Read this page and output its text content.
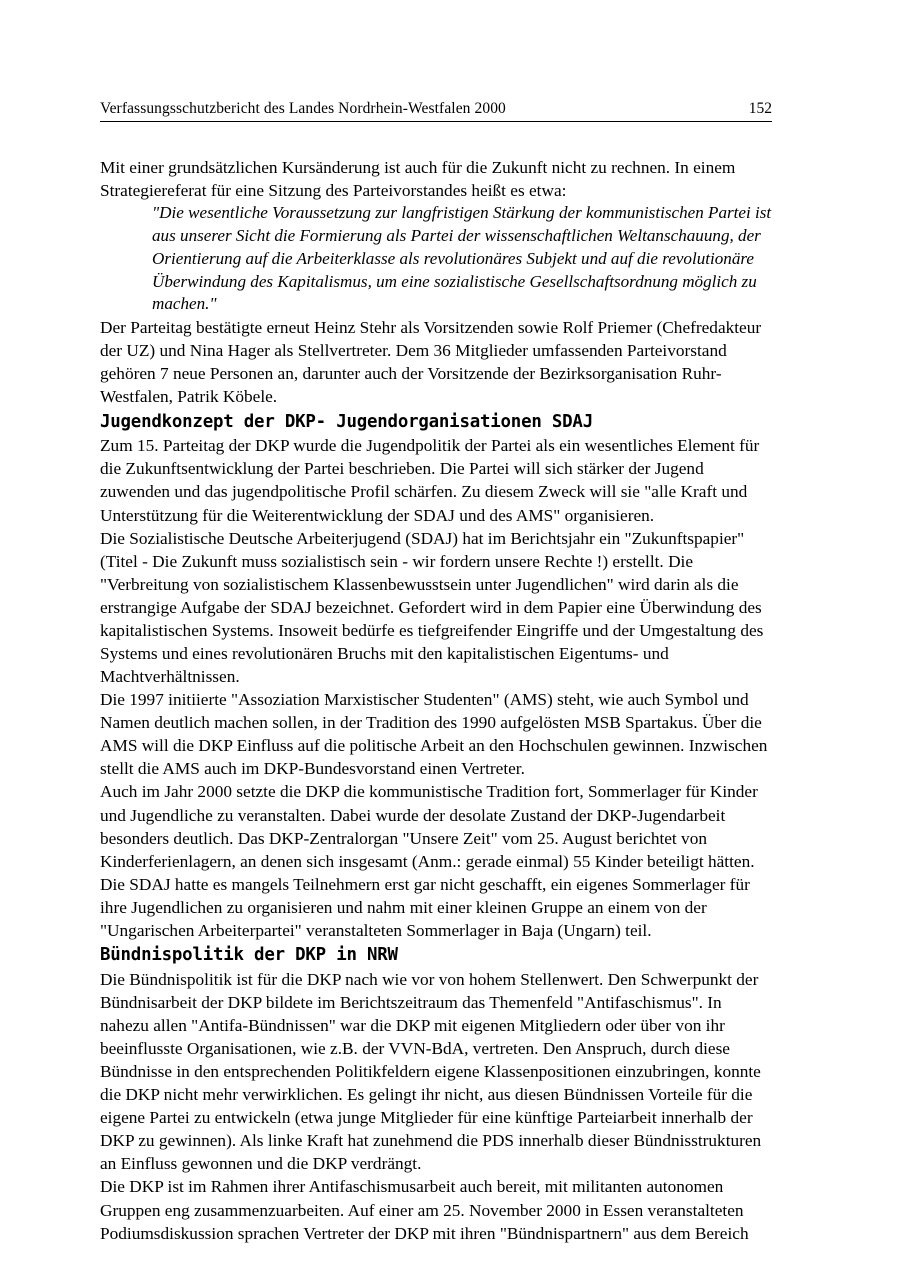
Verfassungsschutzbericht des Landes Nordrhein-Westfalen 2000	152

Mit einer grundsätzlichen Kursänderung ist auch für die Zukunft nicht zu rechnen. In einem Strategiereferat für eine Sitzung des Parteivorstandes heißt es etwa:

"Die wesentliche Voraussetzung zur langfristigen Stärkung der kommunistischen Partei ist aus unserer Sicht die Formierung als Partei der wissenschaftlichen Weltanschauung, der Orientierung auf die Arbeiterklasse als revolutionäres Subjekt und auf die revolutionäre Überwindung des Kapitalismus, um eine sozialistische Gesellschaftsordnung möglich zu machen."

Der Parteitag bestätigte erneut Heinz Stehr als Vorsitzenden sowie Rolf Priemer (Chefredakteur der UZ) und Nina Hager als Stellvertreter. Dem 36 Mitglieder umfassenden Parteivorstand gehören 7 neue Personen an, darunter auch der Vorsitzende der Bezirksorganisation Ruhr-Westfalen, Patrik Köbele.

Jugendkonzept der DKP- Jugendorganisationen SDAJ

Zum 15. Parteitag der DKP wurde die Jugendpolitik der Partei als ein wesentliches Element für die Zukunftsentwicklung der Partei beschrieben. Die Partei will sich stärker der Jugend zuwenden und das jugendpolitische Profil schärfen. Zu diesem Zweck will sie "alle Kraft und Unterstützung für die Weiterentwicklung der SDAJ und des AMS" organisieren.

Die Sozialistische Deutsche Arbeiterjugend (SDAJ) hat im Berichtsjahr ein "Zukunftspapier" (Titel - Die Zukunft muss sozialistisch sein - wir fordern unsere Rechte !) erstellt. Die "Verbreitung von sozialistischem Klassenbewusstsein unter Jugendlichen" wird darin als die erstrangige Aufgabe der SDAJ bezeichnet. Gefordert wird in dem Papier eine Überwindung des kapitalistischen Systems. Insoweit bedürfe es tiefgreifender Eingriffe und der Umgestaltung des Systems und eines revolutionären Bruchs mit den kapitalistischen Eigentums- und Machtverhältnissen.

Die 1997 initiierte "Assoziation Marxistischer Studenten" (AMS) steht, wie auch Symbol und Namen deutlich machen sollen, in der Tradition des 1990 aufgelösten MSB Spartakus. Über die AMS will die DKP Einfluss auf die politische Arbeit an den Hochschulen gewinnen. Inzwischen stellt die AMS auch im DKP-Bundesvorstand einen Vertreter.

Auch im Jahr 2000 setzte die DKP die kommunistische Tradition fort, Sommerlager für Kinder und Jugendliche zu veranstalten. Dabei wurde der desolate Zustand der DKP-Jugendarbeit besonders deutlich. Das DKP-Zentralorgan "Unsere Zeit" vom 25. August berichtet von Kinderferienlagern, an denen sich insgesamt (Anm.: gerade einmal) 55 Kinder beteiligt hätten. Die SDAJ hatte es mangels Teilnehmern erst gar nicht geschafft, ein eigenes Sommerlager für ihre Jugendlichen zu organisieren und nahm mit einer kleinen Gruppe an einem von der "Ungarischen Arbeiterpartei" veranstalteten Sommerlager in Baja (Ungarn) teil.

Bündnispolitik der DKP in NRW

Die Bündnispolitik ist für die DKP nach wie vor von hohem Stellenwert. Den Schwerpunkt der Bündnisarbeit der DKP bildete im Berichtszeitraum das Themenfeld "Antifaschismus". In nahezu allen "Antifa-Bündnissen" war die DKP mit eigenen Mitgliedern oder über von ihr beeinflusste Organisationen, wie z.B. der VVN-BdA, vertreten. Den Anspruch, durch diese Bündnisse in den entsprechenden Politikfeldern eigene Klassenpositionen einzubringen, konnte die DKP nicht mehr verwirklichen. Es gelingt ihr nicht, aus diesen Bündnissen Vorteile für die eigene Partei zu entwickeln (etwa junge Mitglieder für eine künftige Parteiarbeit innerhalb der DKP zu gewinnen). Als linke Kraft hat zunehmend die PDS innerhalb dieser Bündnisstrukturen an Einfluss gewonnen und die DKP verdrängt.

Die DKP ist im Rahmen ihrer Antifaschismusarbeit auch bereit, mit militanten autonomen Gruppen eng zusammenzuarbeiten. Auf einer am 25. November 2000 in Essen veranstalteten Podiumsdiskussion sprachen Vertreter der DKP mit ihren "Bündnispartnern" aus dem Bereich
